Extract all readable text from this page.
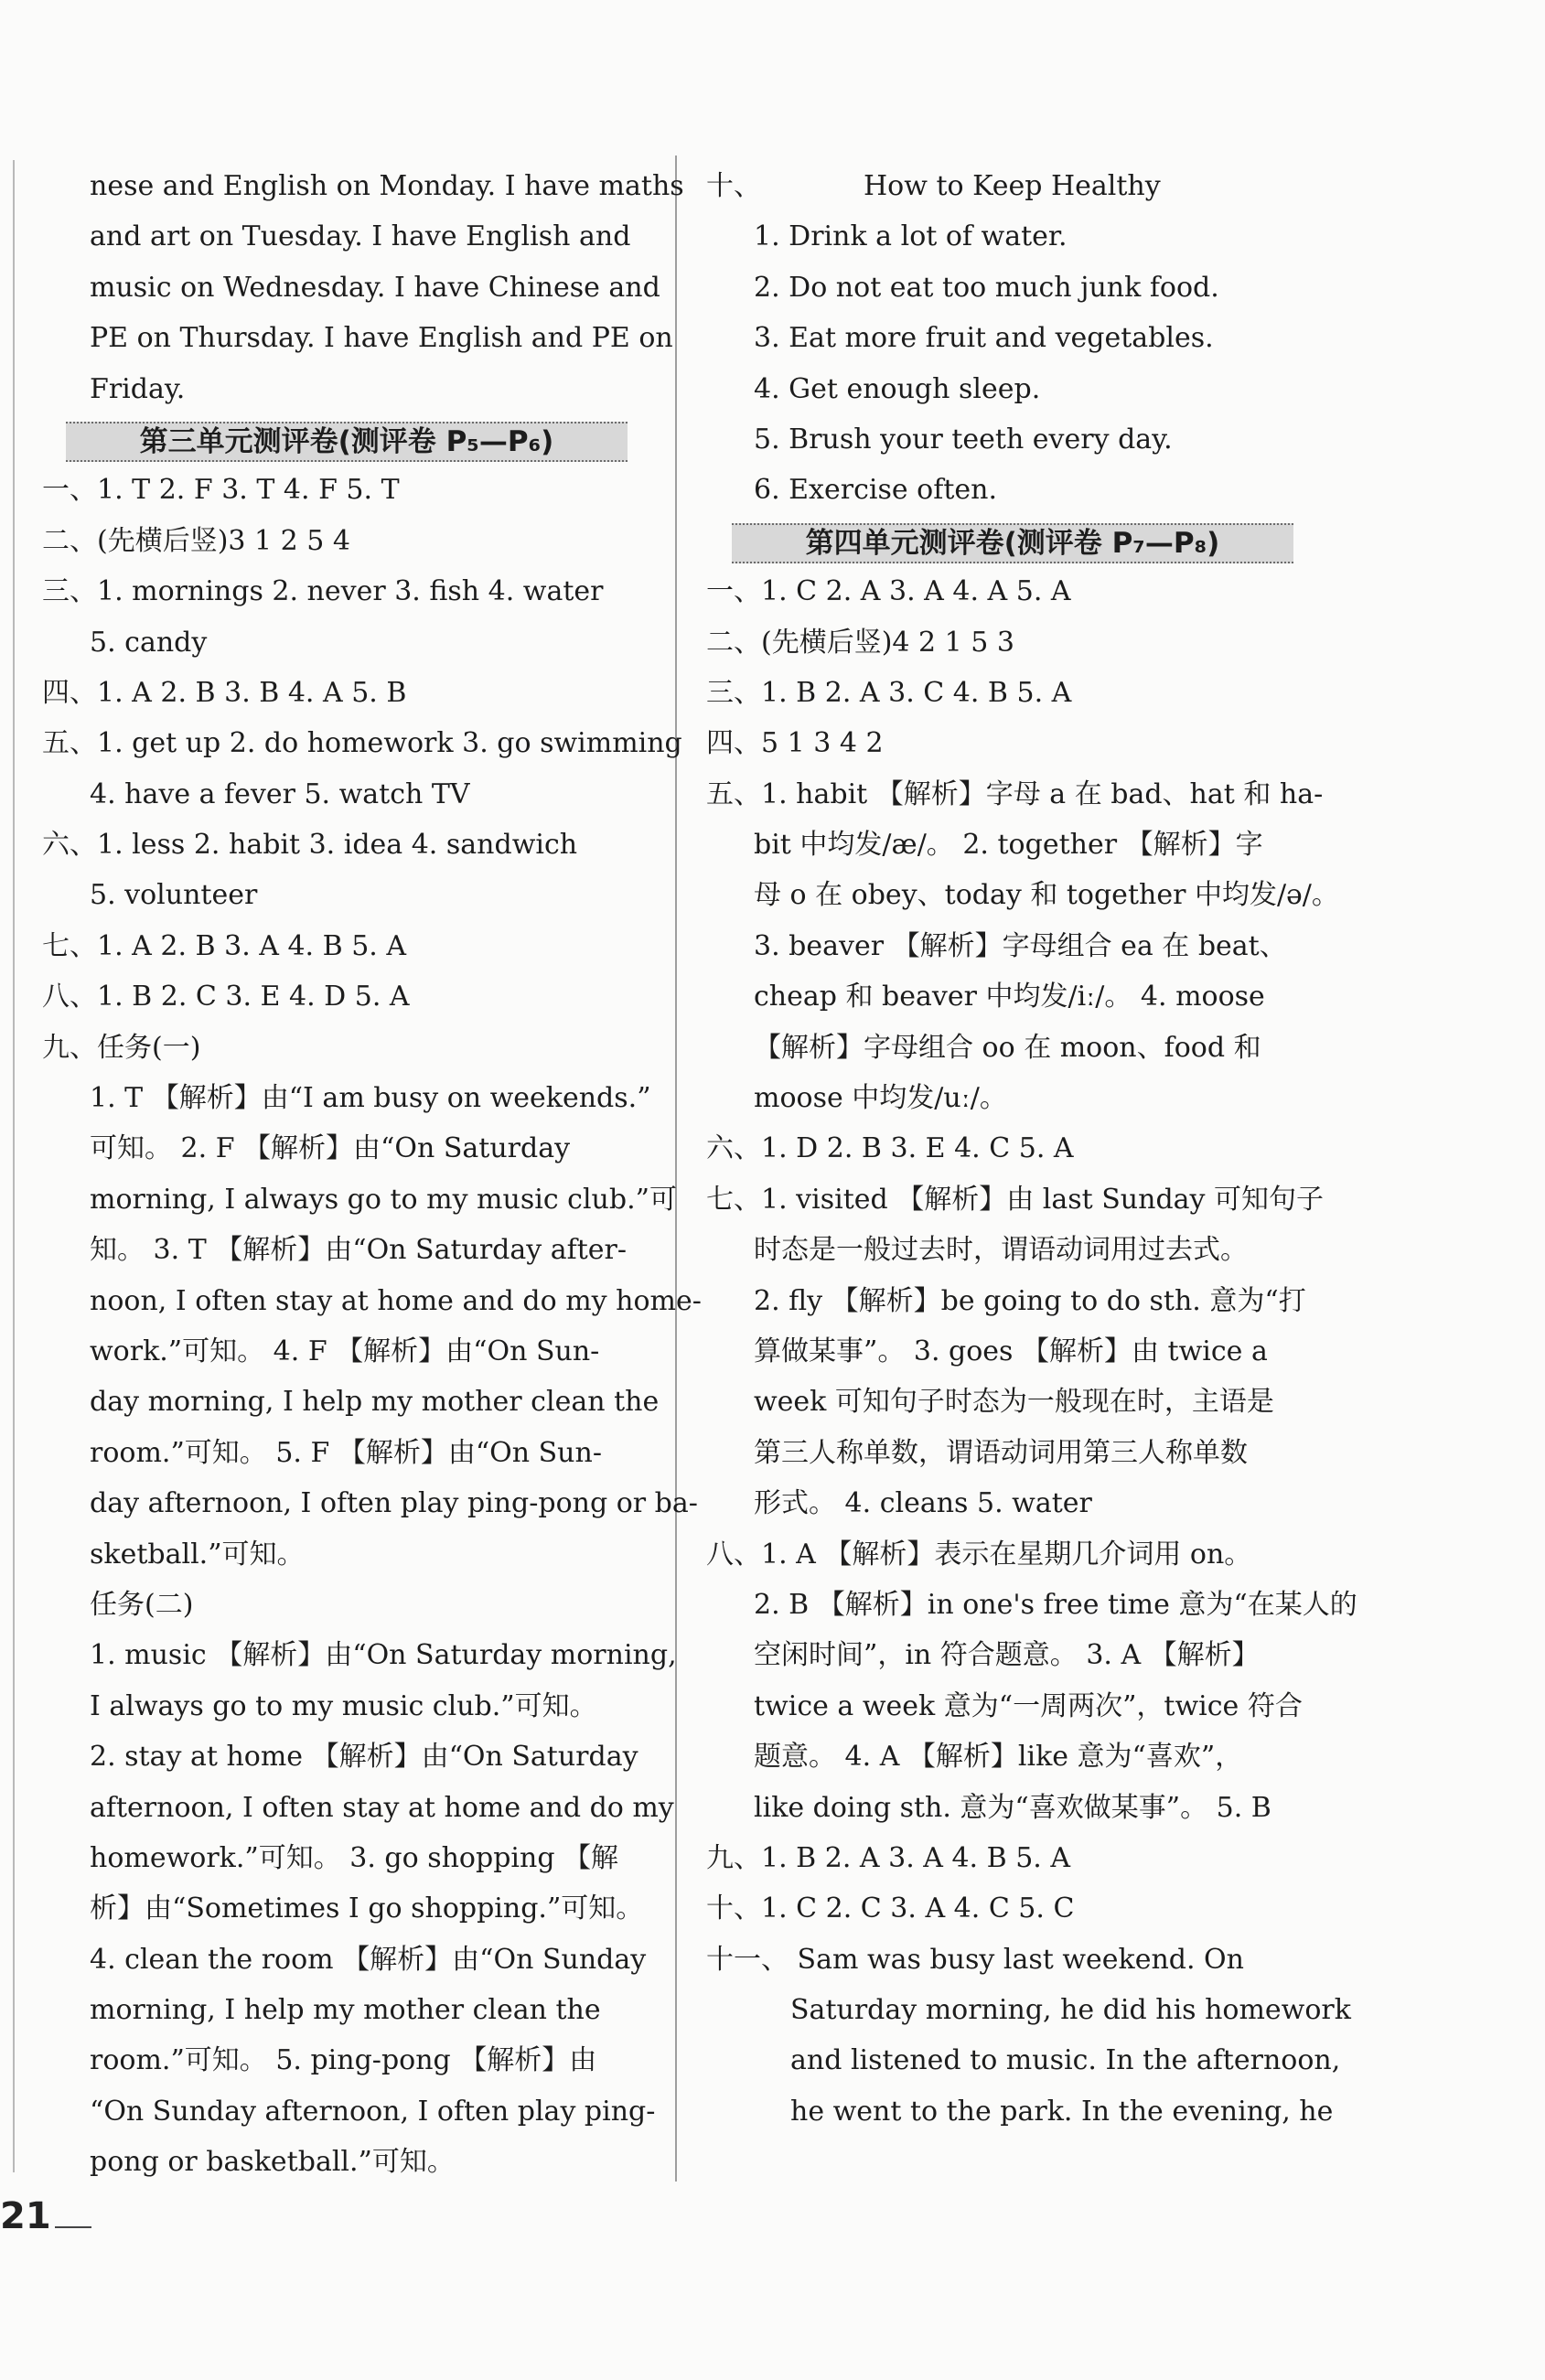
nese and English on Monday. I have maths
and art on Tuesday. I have English and
music on Wednesday. I have Chinese and
PE on Thursday. I have English and PE on
Friday.
第三单元测评卷(测评卷 P₅—P₆)
一、1. T 2. F 3. T 4. F 5. T
二、(先横后竖)3 1 2 5 4
三、1. mornings 2. never 3. fish 4. water
5. candy
四、1. A 2. B 3. B 4. A 5. B
五、1. get up 2. do homework 3. go swimming
4. have a fever 5. watch TV
六、1. less 2. habit 3. idea 4. sandwich
5. volunteer
七、1. A 2. B 3. A 4. B 5. A
八、1. B 2. C 3. E 4. D 5. A
九、任务(一)
1. T 【解析】由“I am busy on weekends.”
可知。 2. F 【解析】由“On Saturday
morning, I always go to my music club.”可
知。 3. T 【解析】由“On Saturday after-
noon, I often stay at home and do my home-
work.”可知。 4. F 【解析】由“On Sun-
day morning, I help my mother clean the
room.”可知。 5. F 【解析】由“On Sun-
day afternoon, I often play ping-pong or ba-
sketball.”可知。
任务(二)
1. music 【解析】由“On Saturday morning,
I always go to my music club.”可知。
2. stay at home 【解析】由“On Saturday
afternoon, I often stay at home and do my
homework.”可知。 3. go shopping 【解
析】由“Sometimes I go shopping.”可知。
4. clean the room 【解析】由“On Sunday
morning, I help my mother clean the
room.”可知。 5. ping-pong 【解析】由
“On Sunday afternoon, I often play ping-
pong or basketball.”可知。
十、	How to Keep Healthy
1. Drink a lot of water.
2. Do not eat too much junk food.
3. Eat more fruit and vegetables.
4. Get enough sleep.
5. Brush your teeth every day.
6. Exercise often.
第四单元测评卷(测评卷 P₇—P₈)
一、1. C 2. A 3. A 4. A 5. A
二、(先横后竖)4 2 1 5 3
三、1. B 2. A 3. C 4. B 5. A
四、5 1 3 4 2
五、1. habit 【解析】字母 a 在 bad、hat 和 ha-
bit 中均发/æ/。 2. together 【解析】字
母 o 在 obey、today 和 together 中均发/ə/。
3. beaver 【解析】字母组合 ea 在 beat、
cheap 和 beaver 中均发/iː/。 4. moose
【解析】字母组合 oo 在 moon、food 和
moose 中均发/uː/。
六、1. D 2. B 3. E 4. C 5. A
七、1. visited 【解析】由 last Sunday 可知句子
时态是一般过去时，谓语动词用过去式。
2. fly 【解析】be going to do sth. 意为“打
算做某事”。 3. goes 【解析】由 twice a
week 可知句子时态为一般现在时，主语是
第三人称单数，谓语动词用第三人称单数
形式。 4. cleans 5. water
八、1. A 【解析】表示在星期几介词用 on。
2. B 【解析】in one's free time 意为“在某人的
空闲时间”，in 符合题意。 3. A 【解析】
twice a week 意为“一周两次”，twice 符合
题意。 4. A 【解析】like 意为“喜欢”，
like doing sth. 意为“喜欢做某事”。 5. B
九、1. B 2. A 3. A 4. B 5. A
十、1. C 2. C 3. A 4. C 5. C
十一、 Sam was busy last weekend. On
Saturday morning, he did his homework
and listened to music. In the afternoon,
he went to the park. In the evening, he
21
